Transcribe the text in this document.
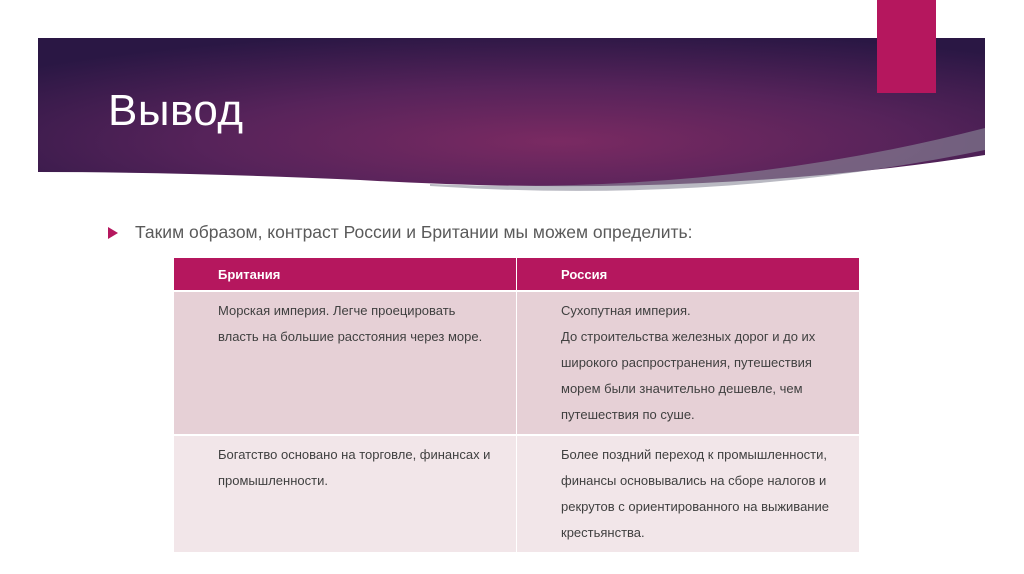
Вывод
Таким образом, контраст России и Британии мы можем определить:
Британия	Россия

Морская империя. Легче проецировать
власть на большие расстояния через море.	Сухопутная империя.
До строительства железных дорог и до их
широкого распространения, путешествия
морем были значительно дешевле, чем
путешествия по суше.

Богатство основано на торговле, финансах и
промышленности.	Более поздний переход к промышленности,
финансы основывались на сборе налогов и
рекрутов с ориентированного на выживание
крестьянства.
